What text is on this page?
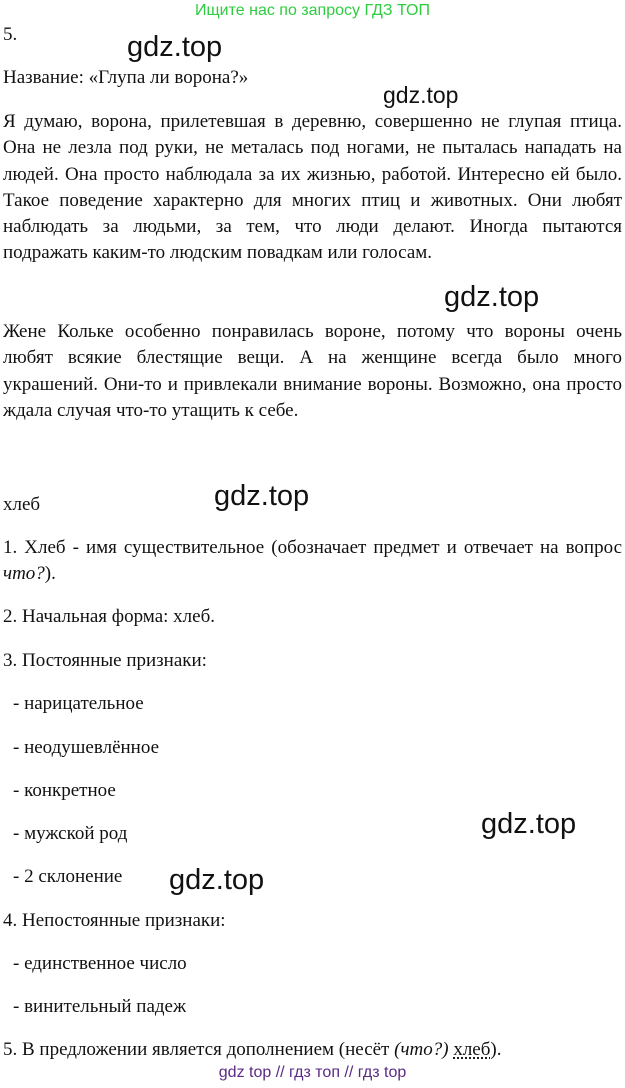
Ищите нас по запросу ГДЗ ТОП
gdz.top
gdz.top
gdz.top
gdz.top
gdz.top
gdz.top
5.
Название: «Глупа ли ворона?»
Я думаю, ворона, прилетевшая в деревню, совершенно не глупая птица. Она не лезла под руки, не металась под ногами, не пыталась нападать на людей. Она просто наблюдала за их жизнью, работой. Интересно ей было. Такое поведение характерно для многих птиц и животных. Они любят наблюдать за людьми, за тем, что люди делают. Иногда пытаются подражать каким-то людским повадкам или голосам.
Жене Кольке особенно понравилась вороне, потому что вороны очень любят всякие блестящие вещи. А на женщине всегда было много украшений. Они-то и привлекали внимание вороны. Возможно, она просто ждала случая что-то утащить к себе.
хлеб
1. Хлеб - имя существительное (обозначает предмет и отвечает на вопрос что?).
2. Начальная форма: хлеб.
3. Постоянные признаки:
- нарицательное
- неодушевлённое
- конкретное
- мужской род
- 2 склонение
4. Непостоянные признаки:
- единственное число
- винительный падеж
5. В предложении является дополнением (несёт (что?) хлеб).
gdz top // гдз топ // гдз top
